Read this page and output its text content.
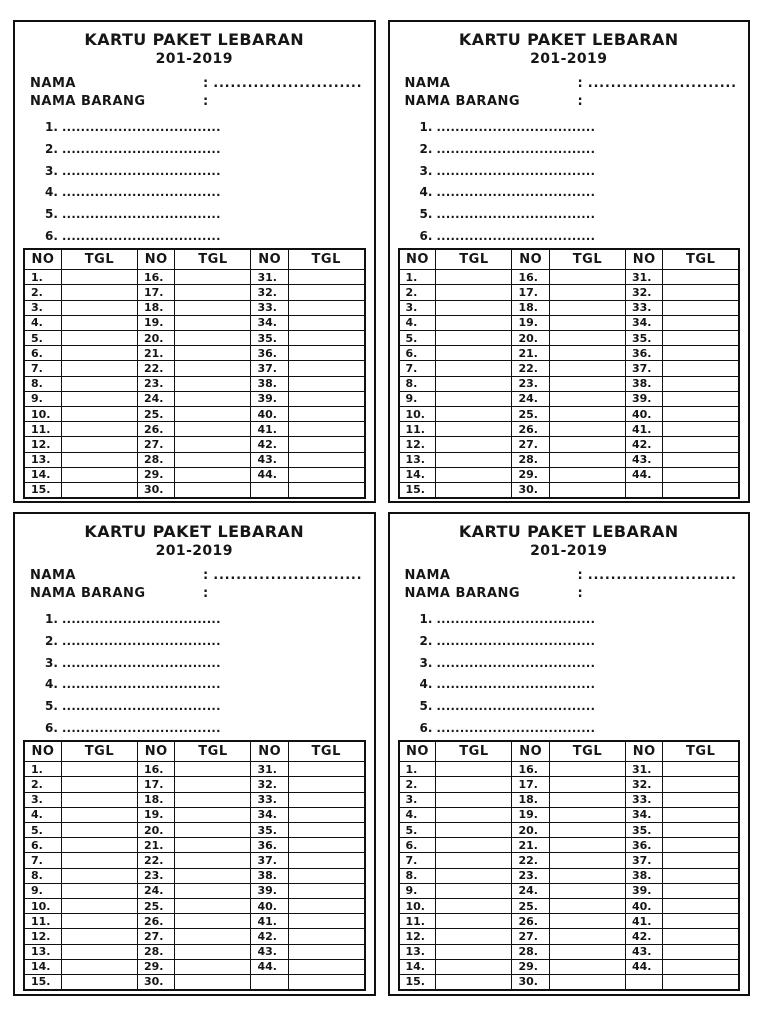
KARTU PAKET LEBARAN
201-2019
NAMA	: ..........................
NAMA BARANG	:
1. ..................................
2. ..................................
3. ..................................
4. ..................................
5. ..................................
6. ..................................
NO	TGL	NO	TGL	NO	TGL
1.		16.		31.	
2.		17.		32.	
3.		18.		33.	
4.		19.		34.	
5.		20.		35.	
6.		21.		36.	
7.		22.		37.	
8.		23.		38.	
9.		24.		39.	
10.		25.		40.	
11.		26.		41.	
12.		27.		42.	
13.		28.		43.	
14.		29.		44.	
15.		30.			
KARTU PAKET LEBARAN
201-2019
NAMA	: ..........................
NAMA BARANG	:
1. ..................................
2. ..................................
3. ..................................
4. ..................................
5. ..................................
6. ..................................
NO	TGL	NO	TGL	NO	TGL
1.		16.		31.	
2.		17.		32.	
3.		18.		33.	
4.		19.		34.	
5.		20.		35.	
6.		21.		36.	
7.		22.		37.	
8.		23.		38.	
9.		24.		39.	
10.		25.		40.	
11.		26.		41.	
12.		27.		42.	
13.		28.		43.	
14.		29.		44.	
15.		30.			
KARTU PAKET LEBARAN
201-2019
NAMA	: ..........................
NAMA BARANG	:
1. ..................................
2. ..................................
3. ..................................
4. ..................................
5. ..................................
6. ..................................
NO	TGL	NO	TGL	NO	TGL
1.		16.		31.	
2.		17.		32.	
3.		18.		33.	
4.		19.		34.	
5.		20.		35.	
6.		21.		36.	
7.		22.		37.	
8.		23.		38.	
9.		24.		39.	
10.		25.		40.	
11.		26.		41.	
12.		27.		42.	
13.		28.		43.	
14.		29.		44.	
15.		30.			
KARTU PAKET LEBARAN
201-2019
NAMA	: ..........................
NAMA BARANG	:
1. ..................................
2. ..................................
3. ..................................
4. ..................................
5. ..................................
6. ..................................
NO	TGL	NO	TGL	NO	TGL
1.		16.		31.	
2.		17.		32.	
3.		18.		33.	
4.		19.		34.	
5.		20.		35.	
6.		21.		36.	
7.		22.		37.	
8.		23.		38.	
9.		24.		39.	
10.		25.		40.	
11.		26.		41.	
12.		27.		42.	
13.		28.		43.	
14.		29.		44.	
15.		30.			
